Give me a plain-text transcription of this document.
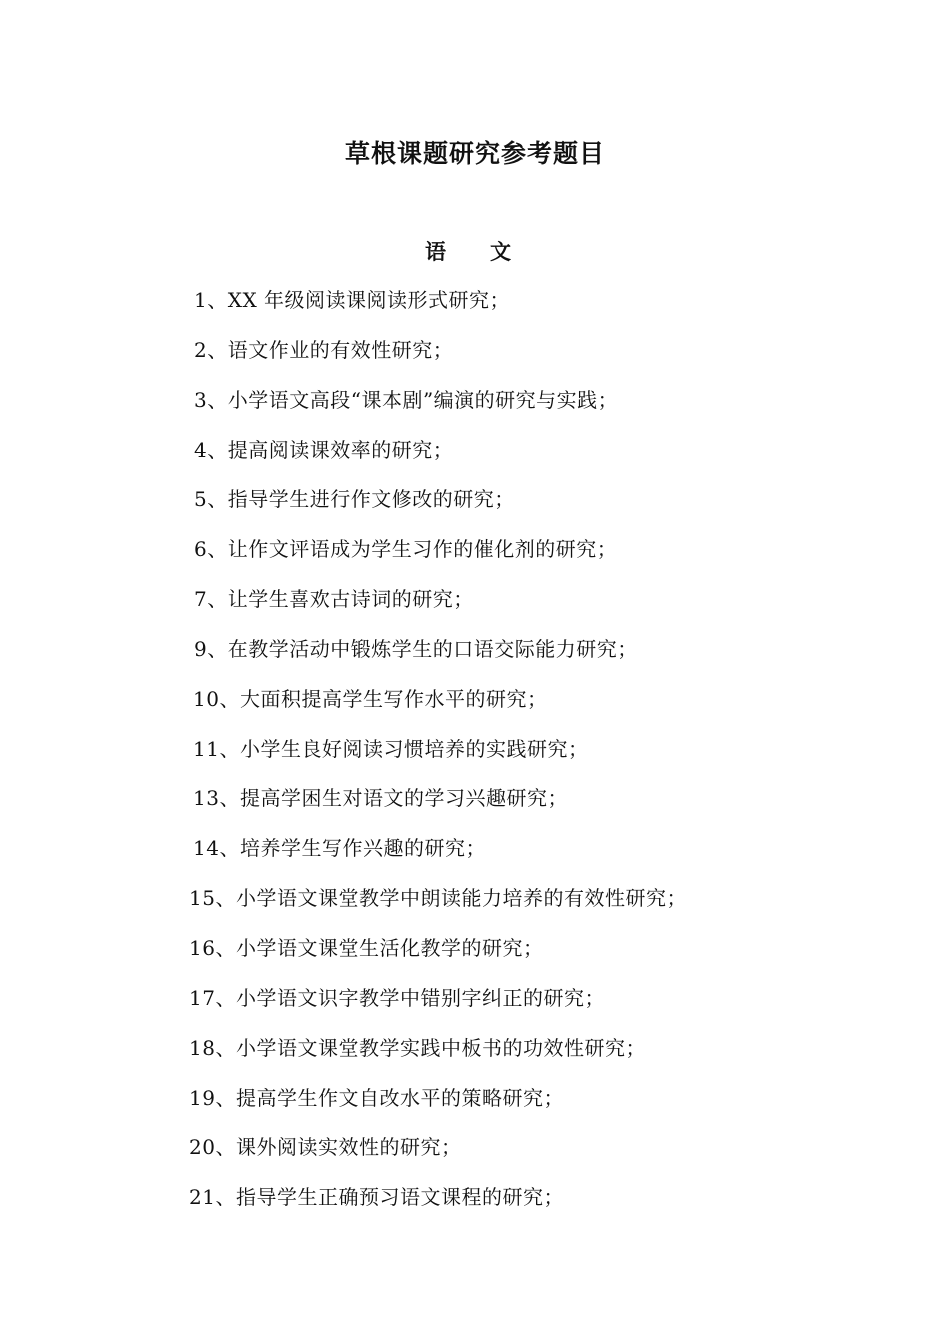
草根课题研究参考题目
语文
1、XX 年级阅读课阅读形式研究；
2、语文作业的有效性研究；
3、小学语文高段“课本剧”编演的研究与实践；
4、提高阅读课效率的研究；
5、指导学生进行作文修改的研究；
6、让作文评语成为学生习作的催化剂的研究；
7、让学生喜欢古诗词的研究；
9、在教学活动中锻炼学生的口语交际能力研究；
10、大面积提高学生写作水平的研究；
11、小学生良好阅读习惯培养的实践研究；
13、提高学困生对语文的学习兴趣研究；
14、培养学生写作兴趣的研究；
15、小学语文课堂教学中朗读能力培养的有效性研究；
16、小学语文课堂生活化教学的研究；
17、小学语文识字教学中错别字纠正的研究；
18、小学语文课堂教学实践中板书的功效性研究；
19、提高学生作文自改水平的策略研究；
20、课外阅读实效性的研究；
21、指导学生正确预习语文课程的研究；
